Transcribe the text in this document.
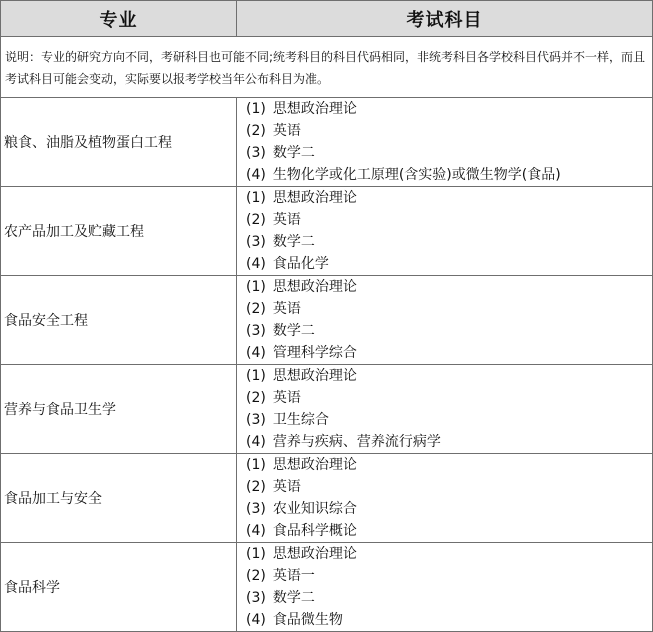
专业	考试科目
说明：专业的研究方向不同，考研科目也可能不同;统考科目的科目代码相同，非统考科目各学校科目代码并不一样，而且考试科目可能会变动，实际要以报考学校当年公布科目为准。	
粮食、油脂及植物蛋白工程	(1) 思想政治理论
(2) 英语
(3) 数学二
(4) 生物化学或化工原理(含实验)或微生物学(食品)

农产品加工及贮藏工程	(1) 思想政治理论
(2) 英语
(3) 数学二
(4) 食品化学

食品安全工程	(1) 思想政治理论
(2) 英语
(3) 数学二
(4) 管理科学综合

营养与食品卫生学	(1) 思想政治理论
(2) 英语
(3) 卫生综合
(4) 营养与疾病、营养流行病学

食品加工与安全	(1) 思想政治理论
(2) 英语
(3) 农业知识综合
(4) 食品科学概论

食品科学	(1) 思想政治理论
(2) 英语一
(3) 数学二
(4) 食品微生物
